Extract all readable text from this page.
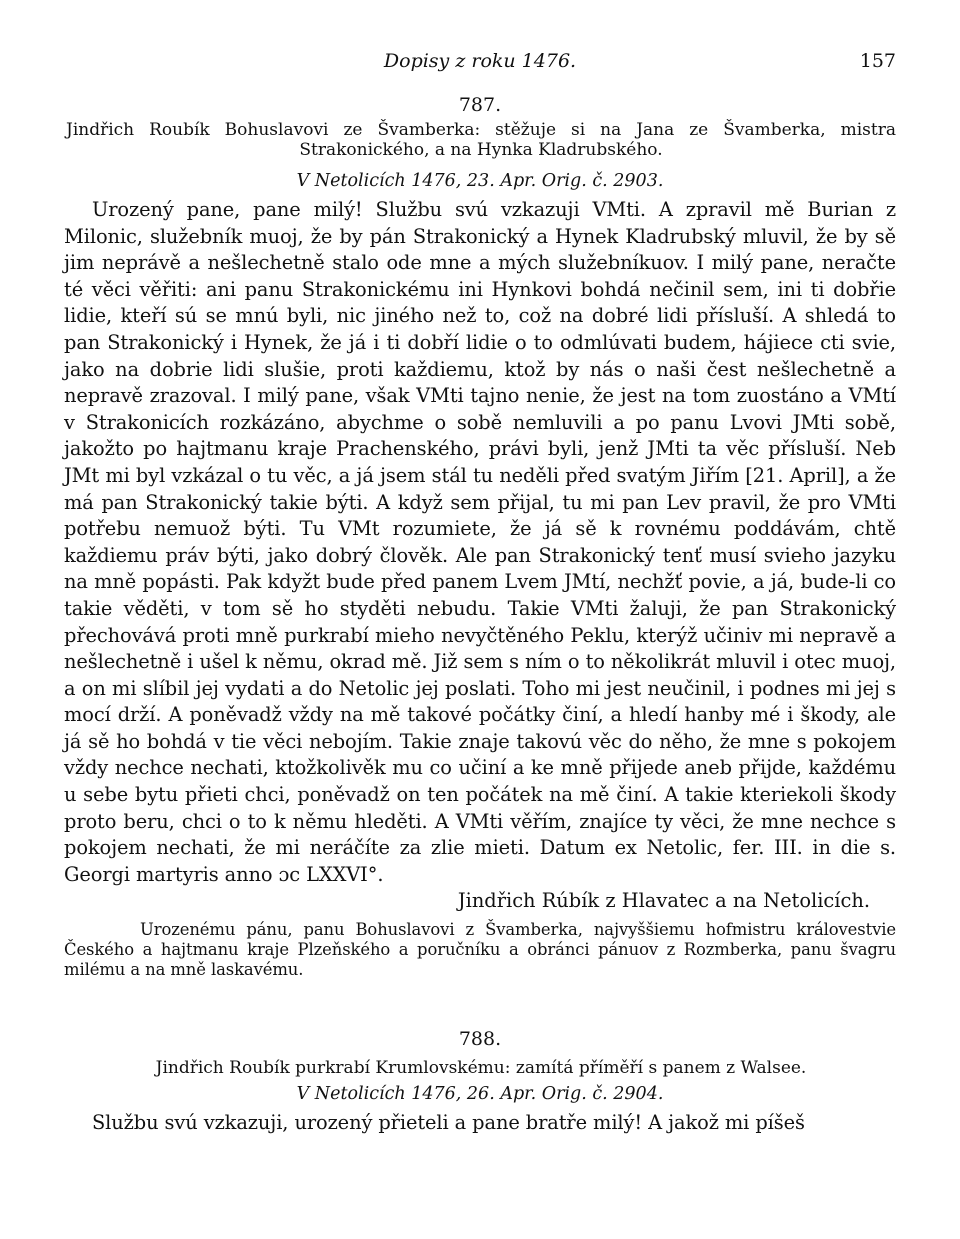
Dopisy z roku 1476.	157
787.
Jindřich Roubík Bohuslavovi ze Švamberka: stěžuje si na Jana ze Švamberka, mistra Strakonického, a na Hynka Kladrubského.
V Netolicích 1476, 23. Apr. Orig. č. 2903.

Urozený pane, pane milý! Službu svú vzkazuji VMti. A zpravil mě Burian z Milonic, služebník muoj, že by pán Strakonický a Hynek Kladrubský mluvil, že by sě jim neprávě a nešlechetně stalo ode mne a mých služebníkuov. I milý pane, neračte té věci věřiti: ani panu Strakonickému ini Hynkovi bohdá nečinil sem, ini ti dobřie lidie, kteří sú se mnú byli, nic jiného než to, což na dobré lidi přísluší. A shledá to pan Strakonický i Hynek, že já i ti dobří lidie o to odmlúvati budem, hájiece cti svie, jako na dobrie lidi slušie, proti každiemu, ktož by nás o naši čest nešlechetně a nepravě zrazoval. I milý pane, však VMti tajno nenie, že jest na tom zuostáno a VMtí v Strakonicích rozkázáno, abychme o sobě nemluvili a po panu Lvovi JMti sobě, jakožto po hajtmanu kraje Prachenského, právi byli, jenž JMti ta věc přísluší. Neb JMt mi byl vzkázal o tu věc, a já jsem stál tu neděli před svatým Jiřím [21. April], a že má pan Strakonický takie býti. A když sem přijal, tu mi pan Lev pravil, že pro VMti potřebu nemuož býti. Tu VMt rozumiete, že já sě k rovnému poddávám, chtě každiemu práv býti, jako dobrý člověk. Ale pan Strakonický tenť musí svieho jazyku na mně popásti. Pak kdyžt bude před panem Lvem JMtí, nechžť povie, a já, bude-li co takie věděti, v tom sě ho styděti nebudu. Takie VMti žaluji, že pan Strakonický přechovává proti mně purkrabí mieho nevyčtěného Peklu, kterýž učiniv mi nepravě a nešlechetně i ušel k němu, okrad mě. Již sem s ním o to několikrát mluvil i otec muoj, a on mi slíbil jej vydati a do Netolic jej poslati. Toho mi jest neučinil, i podnes mi jej s mocí drží. A poněvadž vždy na mě takové počátky činí, a hledí hanby mé i škody, ale já sě ho bohdá v tie věci nebojím. Takie znaje takovú věc do něho, že mne s pokojem vždy nechce nechati, ktožkolivěk mu co učiní a ke mně přijede aneb přijde, každému u sebe bytu přieti chci, poněvadž on ten počátek na mě činí. A takie kteriekoli škody proto beru, chci o to k němu hleděti. A VMti věřím, znajíce ty věci, že mne nechce s pokojem nechati, že mi neráčíte za zlie mieti. Datum ex Netolic, fer. III. in die s. Georgi martyris anno ɔc LXXVI°.

Jindřich Rúbík z Hlavatec a na Netolicích.
Urozenému pánu, panu Bohuslavovi z Švamberka, najvyššiemu hofmistru královestvie Českého a hajtmanu kraje Plzeňského a poručníku a obránci pánuov z Rozmberka, panu švagru milému a na mně laskavému.
788.
Jindřich Roubík purkrabí Krumlovskému: zamítá příměří s panem z Walsee.
V Netolicích 1476, 26. Apr. Orig. č. 2904.

Službu svú vzkazuji, urozený přieteli a pane bratře milý! A jakož mi píšeš
